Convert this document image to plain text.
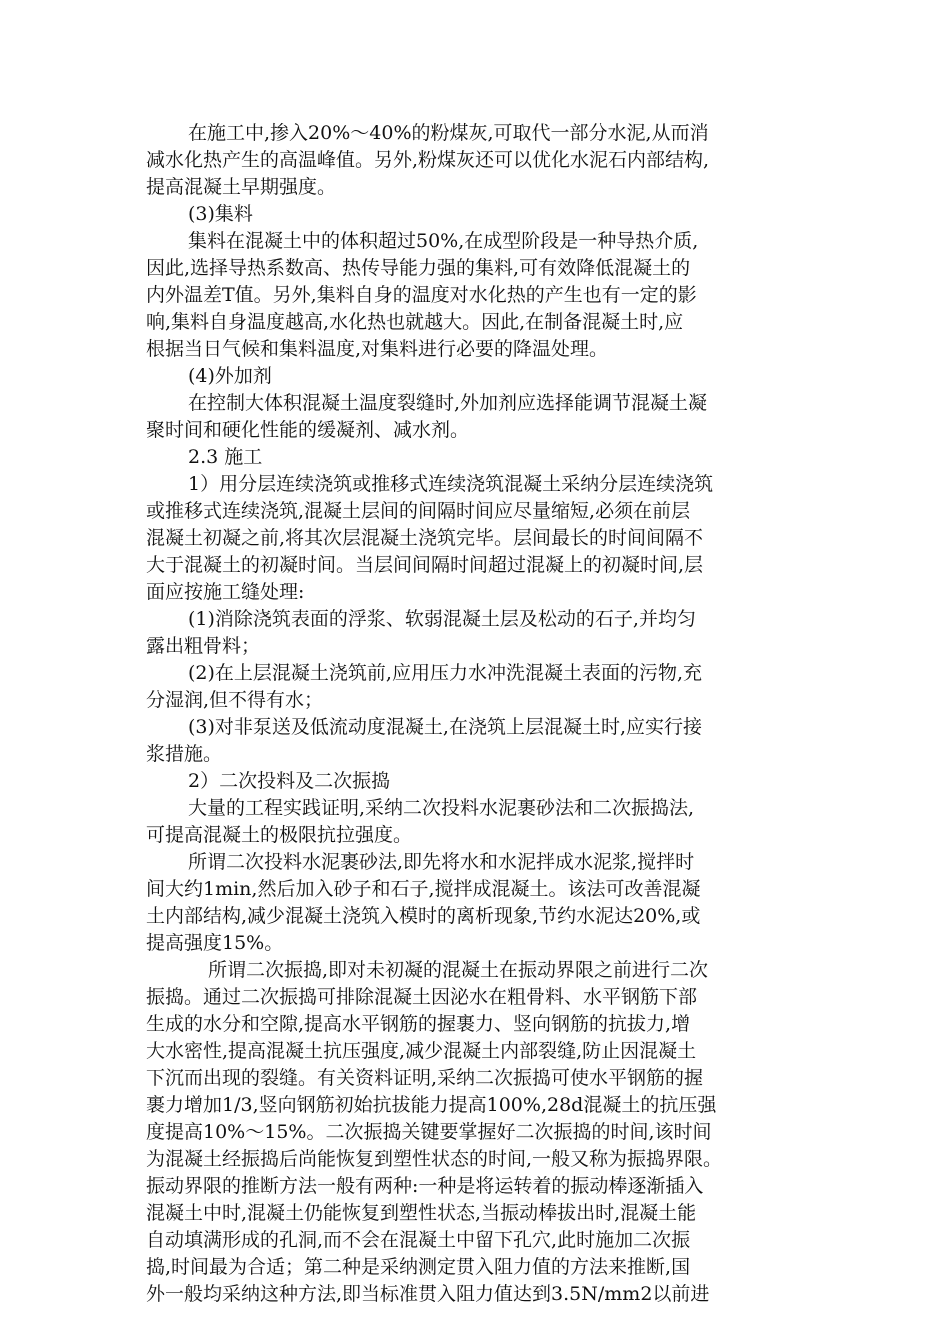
在施工中,掺入20%～40%的粉煤灰,可取代一部分水泥,从而消
减水化热产生的高温峰值。另外,粉煤灰还可以优化水泥石内部结构,
提高混凝土早期强度。
(3)集料
集料在混凝土中的体积超过50%,在成型阶段是一种导热介质,
因此,选择导热系数高、热传导能力强的集料,可有效降低混凝土的
内外温差T值。另外,集料自身的温度对水化热的产生也有一定的影
响,集料自身温度越高,水化热也就越大。因此,在制备混凝土时,应
根据当日气候和集料温度,对集料进行必要的降温处理。
(4)外加剂
在控制大体积混凝土温度裂缝时,外加剂应选择能调节混凝土凝
聚时间和硬化性能的缓凝剂、减水剂。
2.3 施工
1）用分层连续浇筑或推移式连续浇筑混凝土采纳分层连续浇筑
或推移式连续浇筑,混凝土层间的间隔时间应尽量缩短,必须在前层
混凝土初凝之前,将其次层混凝土浇筑完毕。层间最长的时间间隔不
大于混凝土的初凝时间。当层间间隔时间超过混凝上的初凝时间,层
面应按施工缝处理:
(1)消除浇筑表面的浮浆、软弱混凝土层及松动的石子,并均匀
露出粗骨料；
(2)在上层混凝土浇筑前,应用压力水冲洗混凝土表面的污物,充
分湿润,但不得有水；
(3)对非泵送及低流动度混凝土,在浇筑上层混凝土时,应实行接
浆措施。
2）二次投料及二次振捣
大量的工程实践证明,采纳二次投料水泥裹砂法和二次振捣法,
可提高混凝土的极限抗拉强度。
所谓二次投料水泥裹砂法,即先将水和水泥拌成水泥浆,搅拌时
间大约1min,然后加入砂子和石子,搅拌成混凝土。该法可改善混凝
土内部结构,减少混凝土浇筑入模时的离析现象,节约水泥达20%,或
提高强度15%。
所谓二次振捣,即对未初凝的混凝土在振动界限之前进行二次
振捣。通过二次振捣可排除混凝土因泌水在粗骨料、水平钢筋下部
生成的水分和空隙,提高水平钢筋的握裹力、竖向钢筋的抗拔力,增
大水密性,提高混凝土抗压强度,减少混凝土内部裂缝,防止因混凝土
下沉而出现的裂缝。有关资料证明,采纳二次振捣可使水平钢筋的握
裹力增加1/3,竖向钢筋初始抗拔能力提高100%,28d混凝土的抗压强
度提高10%～15%。二次振捣关键要掌握好二次振捣的时间,该时间
为混凝土经振捣后尚能恢复到塑性状态的时间,一般又称为振捣界限。
振动界限的推断方法一般有两种:一种是将运转着的振动棒逐渐插入
混凝土中时,混凝土仍能恢复到塑性状态,当振动棒拔出时,混凝土能
自动填满形成的孔洞,而不会在混凝土中留下孔穴,此时施加二次振
捣,时间最为合适；第二种是采纳测定贯入阻力值的方法来推断,国
外一般均采纳这种方法,即当标准贯入阻力值达到3.5N/mm2以前进
